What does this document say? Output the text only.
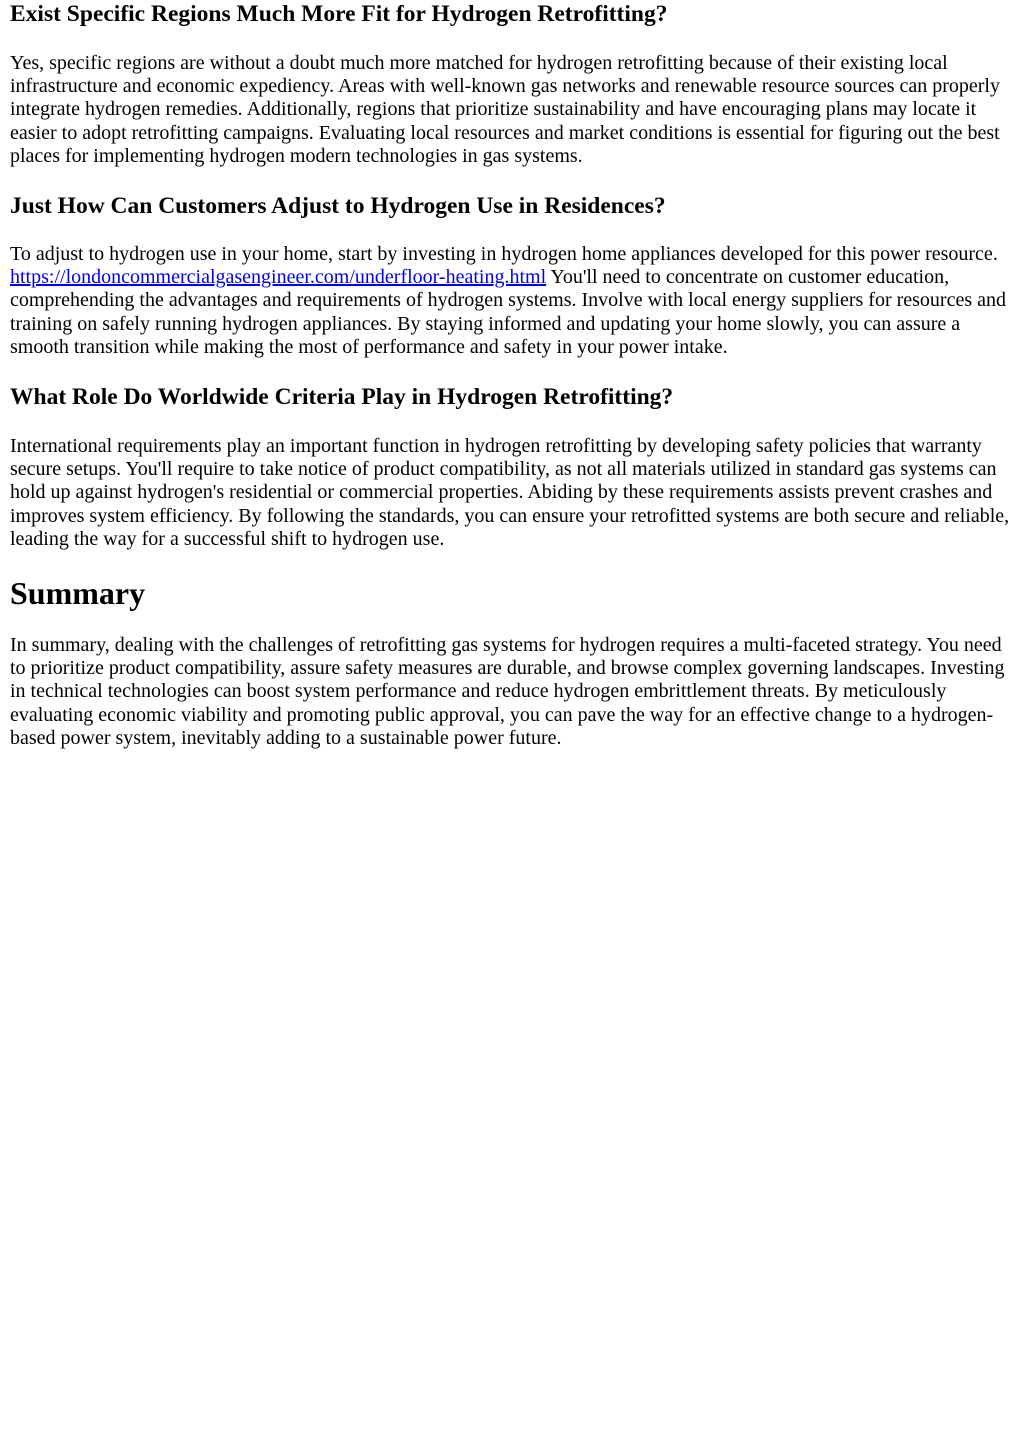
Exist Specific Regions Much More Fit for Hydrogen Retrofitting?

Yes, specific regions are without a doubt much more matched for hydrogen retrofitting because of their existing local infrastructure and economic expediency. Areas with well-known gas networks and renewable resource sources can properly integrate hydrogen remedies. Additionally, regions that prioritize sustainability and have encouraging plans may locate it easier to adopt retrofitting campaigns. Evaluating local resources and market conditions is essential for figuring out the best places for implementing hydrogen modern technologies in gas systems.

Just How Can Customers Adjust to Hydrogen Use in Residences?

To adjust to hydrogen use in your home, start by investing in hydrogen home appliances developed for this power resource. https://londoncommercialgasengineer.com/underfloor-heating.html You'll need to concentrate on customer education, comprehending the advantages and requirements of hydrogen systems. Involve with local energy suppliers for resources and training on safely running hydrogen appliances. By staying informed and updating your home slowly, you can assure a smooth transition while making the most of performance and safety in your power intake.

What Role Do Worldwide Criteria Play in Hydrogen Retrofitting?

International requirements play an important function in hydrogen retrofitting by developing safety policies that warranty secure setups. You'll require to take notice of product compatibility, as not all materials utilized in standard gas systems can hold up against hydrogen's residential or commercial properties. Abiding by these requirements assists prevent crashes and improves system efficiency. By following the standards, you can ensure your retrofitted systems are both secure and reliable, leading the way for a successful shift to hydrogen use.

Summary

In summary, dealing with the challenges of retrofitting gas systems for hydrogen requires a multi-faceted strategy. You need to prioritize product compatibility, assure safety measures are durable, and browse complex governing landscapes. Investing in technical technologies can boost system performance and reduce hydrogen embrittlement threats. By meticulously evaluating economic viability and promoting public approval, you can pave the way for an effective change to a hydrogen-based power system, inevitably adding to a sustainable power future.
